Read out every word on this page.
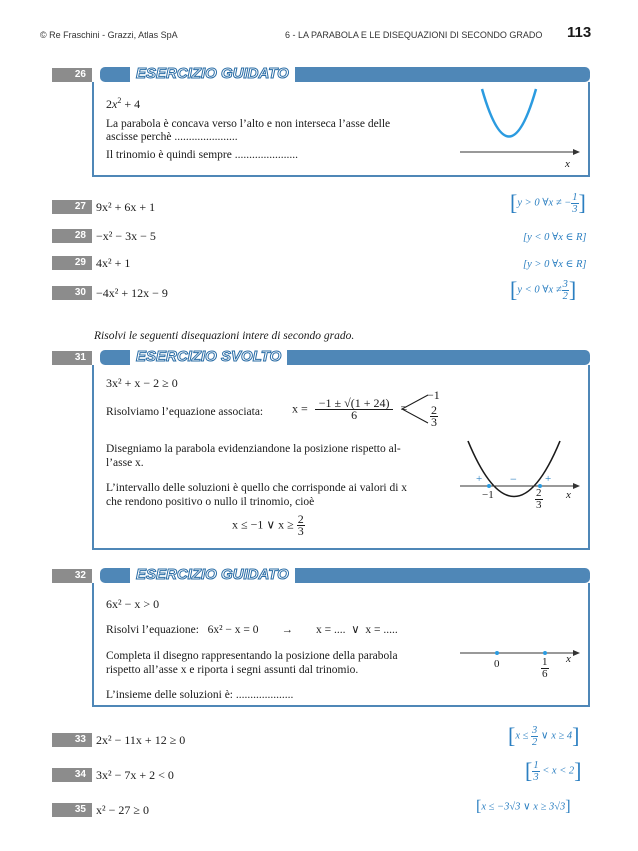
© Re Fraschini - Grazzi, Atlas SpA	6 - LA PARABOLA E LE DISEQUAZIONI DI SECONDO GRADO 113
26	ESERCIZIO GUIDATO
$2x^2 + 4$
La parabola è concava verso l’alto e non interseca l’asse delle
ascisse perchè ......................
Il trinomio è quindi sempre ......................
x
27 9x² + 6x + 1	[y > 0 ∀x ≠ − $\frac{1}{3}$ ]
28 −x² − 3x − 5	[y < 0 ∀x ∈ R]
29 4x² + 1	[y > 0 ∀x ∈ R]
30 −4x² + 12x − 9	[y < 0 ∀x ≠ $\frac{3}{2}$ ]
Risolvi le seguenti disequazioni intere di secondo grado.
31	ESERCIZIO SVOLTO
3x² + x − 2 ≥ 0
Risolviamo l’equazione associata: $x = \frac{-1 \pm √(1 + 24)}{6}$ =
−1
$\frac{2}{3}$
Disegniamo la parabola evidenziandone la posizione rispetto al-
l’asse x.
L’intervallo delle soluzioni è quello che corrisponde ai valori di x
che rendono positivo o nullo il trinomio, cioè
x ≤ −1 ∨ $x \ge \frac{2}{3}$
+ −	+
−1	$\frac{2}{3}$ x
32	ESERCIZIO GUIDATO
6x² − x > 0
Risolvi l’equazione:   6x² − x = 0        →        x = ....  ∨  x = .....
Completa il disegno rappresentando la posizione della parabola
rispetto all’asse x e riporta i segni assunti dal trinomio.
L’insieme delle soluzioni è: ....................
0	$\frac{1}{6}$ x
33 2x² − 11x + 12 ≥ 0	[$x \le \frac{3}{2}$ ∨ x ≥ 4]
34 3x² − 7x + 2 < 0	[ $\frac{1}{3} < x < 2$]
35 x² − 27 ≥ 0	[x ≤ −3√3 ∨ x ≥ 3√3]
